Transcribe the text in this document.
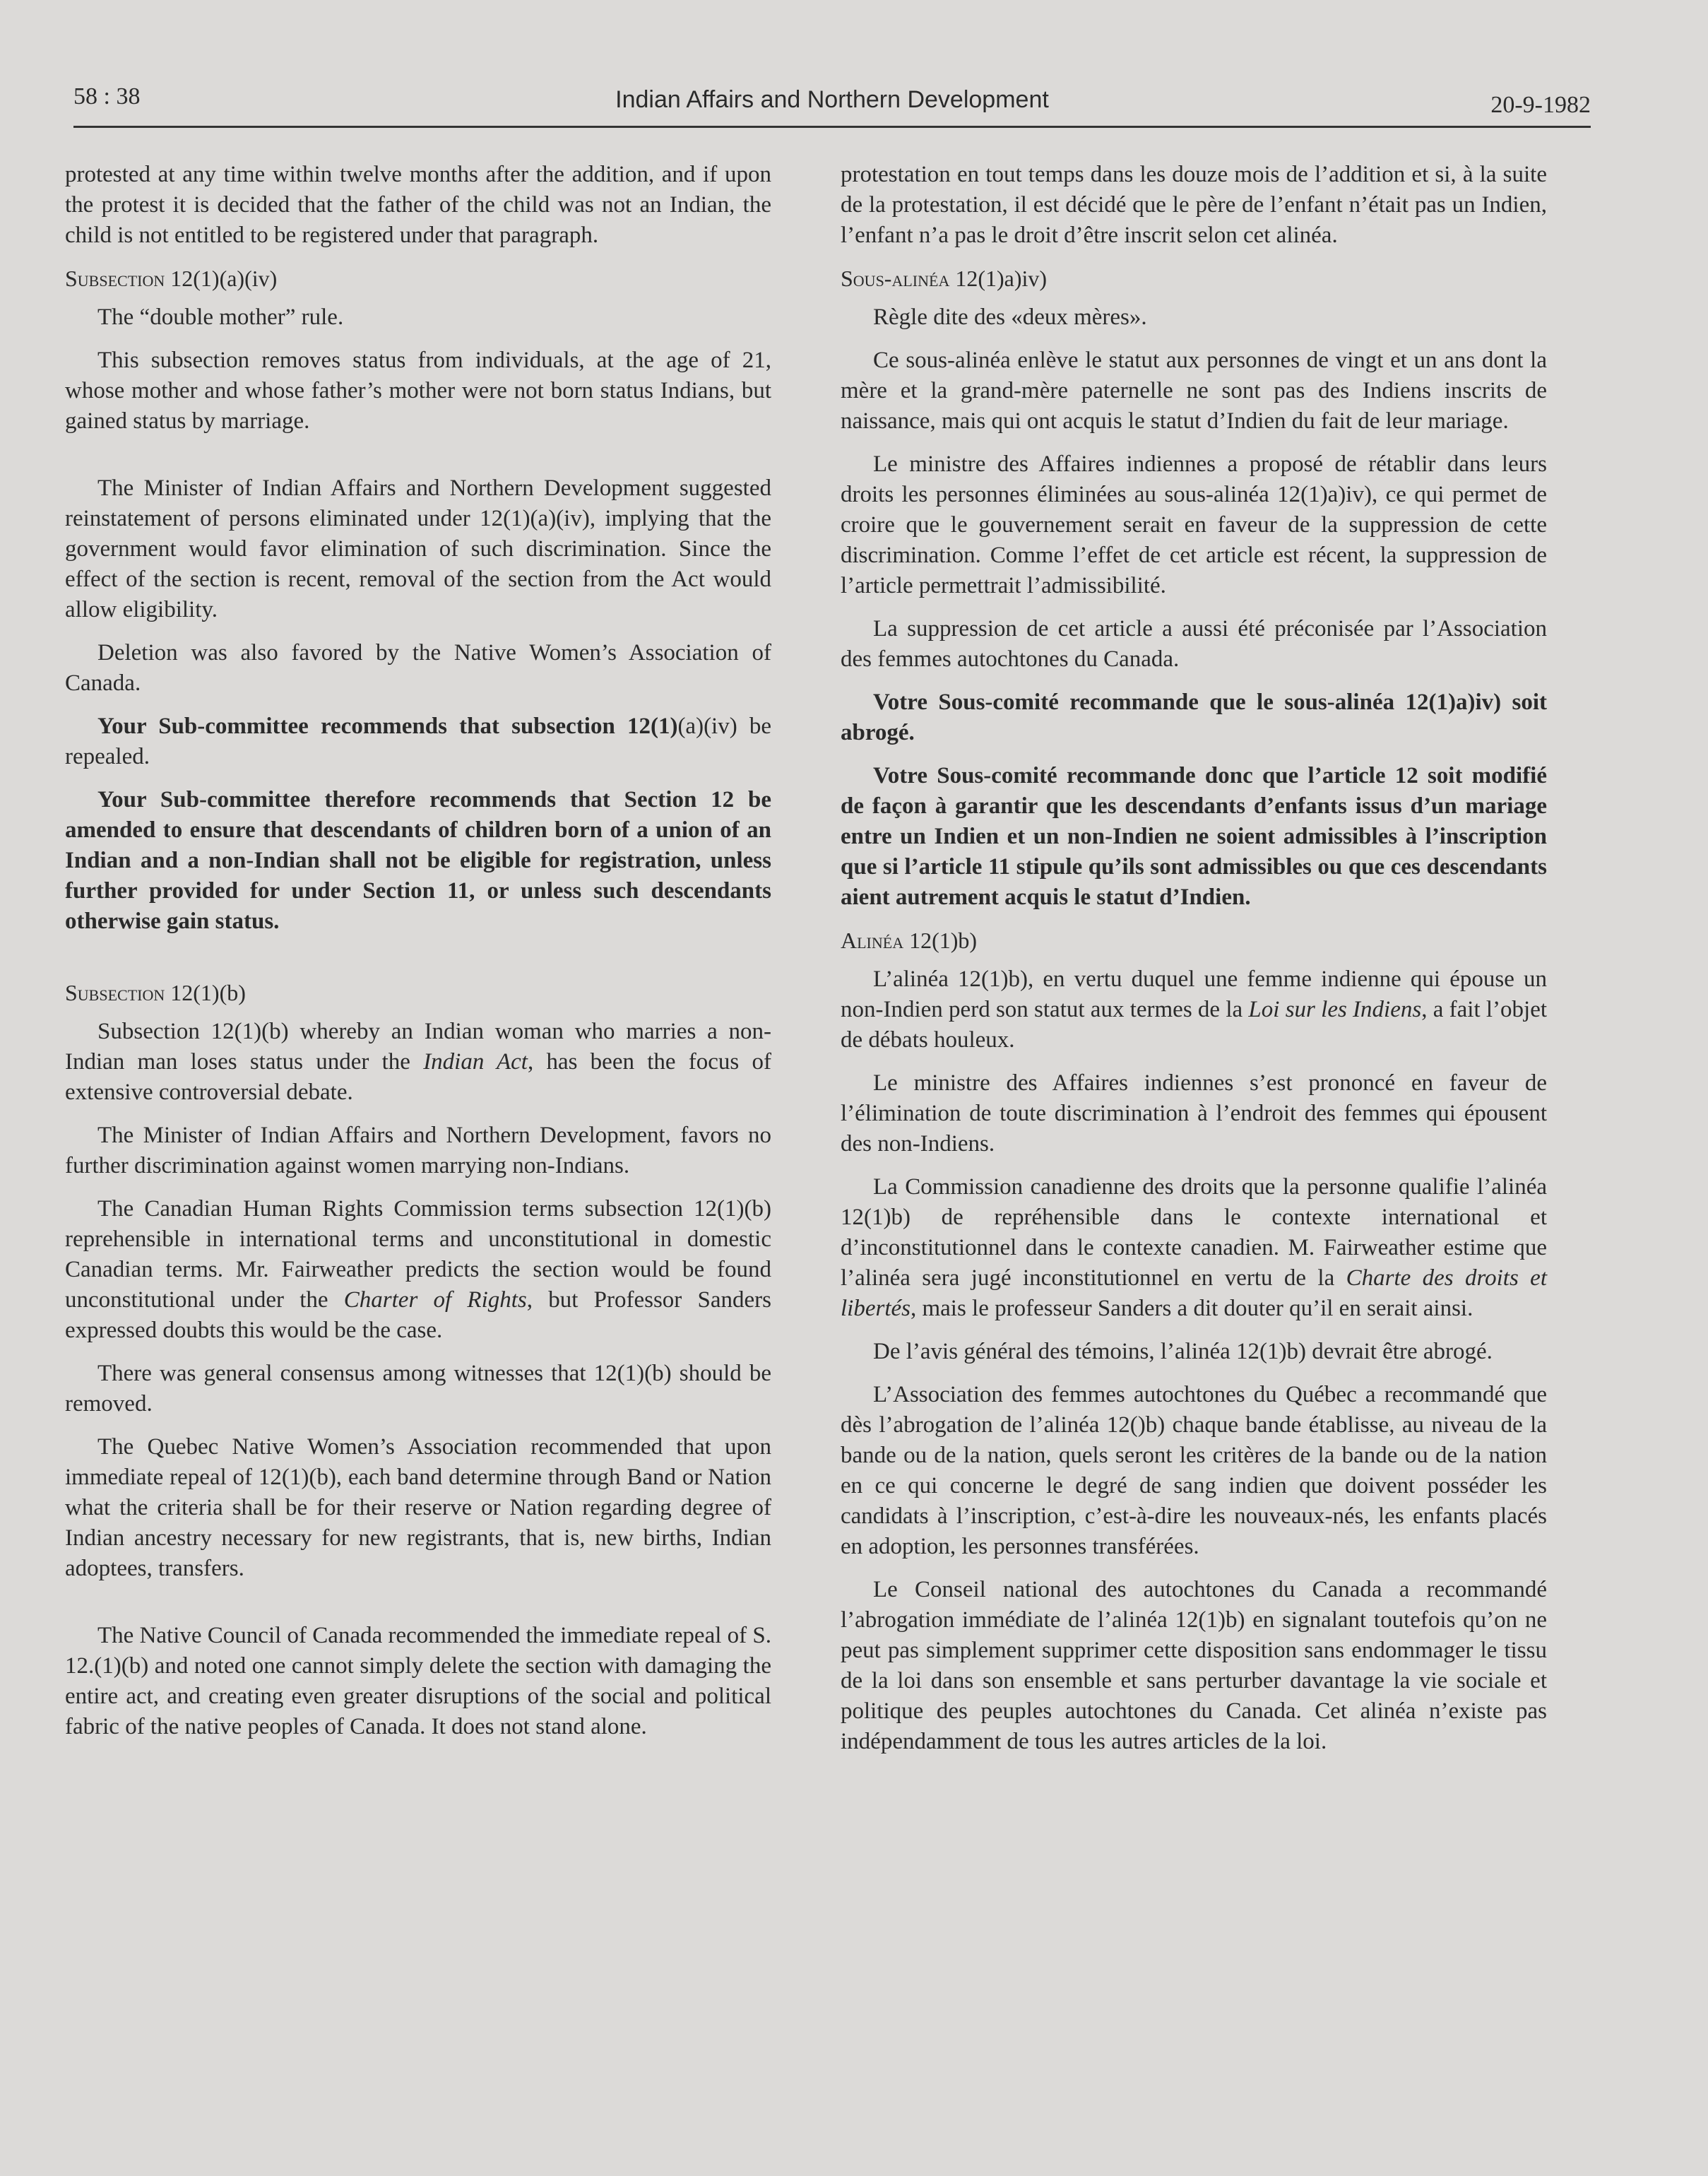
58 : 38	Indian Affairs and Northern Development	20-9-1982

protested at any time within twelve months after the addition, and if upon the protest it is decided that the father of the child was not an Indian, the child is not entitled to be registered under that paragraph.

Subsection 12(1)(a)(iv)

The “double mother” rule.

This subsection removes status from individuals, at the age of 21, whose mother and whose father’s mother were not born status Indians, but gained status by marriage.

The Minister of Indian Affairs and Northern Development suggested reinstatement of persons eliminated under 12(1)(a)(iv), implying that the government would favor elimination of such discrimination. Since the effect of the section is recent, removal of the section from the Act would allow eligibility.

Deletion was also favored by the Native Women’s Association of Canada.

Your Sub-committee recommends that subsection 12(1)(a)(iv) be repealed.

Your Sub-committee therefore recommends that Section 12 be amended to ensure that descendants of children born of a union of an Indian and a non-Indian shall not be eligible for registration, unless further provided for under Section 11, or unless such descendants otherwise gain status.

Subsection 12(1)(b)

Subsection 12(1)(b) whereby an Indian woman who marries a non-Indian man loses status under the Indian Act, has been the focus of extensive controversial debate.

The Minister of Indian Affairs and Northern Development, favors no further discrimination against women marrying non-Indians.

The Canadian Human Rights Commission terms subsection 12(1)(b) reprehensible in international terms and unconstitutional in domestic Canadian terms. Mr. Fairweather predicts the section would be found unconstitutional under the Charter of Rights, but Professor Sanders expressed doubts this would be the case.

There was general consensus among witnesses that 12(1)(b) should be removed.

The Quebec Native Women’s Association recommended that upon immediate repeal of 12(1)(b), each band determine through Band or Nation what the criteria shall be for their reserve or Nation regarding degree of Indian ancestry necessary for new registrants, that is, new births, Indian adoptees, transfers.

The Native Council of Canada recommended the immediate repeal of S. 12.(1)(b) and noted one cannot simply delete the section with damaging the entire act, and creating even greater disruptions of the social and political fabric of the native peoples of Canada. It does not stand alone.

protestation en tout temps dans les douze mois de l’addition et si, à la suite de la protestation, il est décidé que le père de l’enfant n’était pas un Indien, l’enfant n’a pas le droit d’être inscrit selon cet alinéa.

Sous-alinéa 12(1)a)iv)

Règle dite des «deux mères».

Ce sous-alinéa enlève le statut aux personnes de vingt et un ans dont la mère et la grand-mère paternelle ne sont pas des Indiens inscrits de naissance, mais qui ont acquis le statut d’Indien du fait de leur mariage.

Le ministre des Affaires indiennes a proposé de rétablir dans leurs droits les personnes éliminées au sous-alinéa 12(1)a)iv), ce qui permet de croire que le gouvernement serait en faveur de la suppression de cette discrimination. Comme l’effet de cet article est récent, la suppression de l’article permettrait l’admissibilité.

La suppression de cet article a aussi été préconisée par l’Association des femmes autochtones du Canada.

Votre Sous-comité recommande que le sous-alinéa 12(1)a)iv) soit abrogé.

Votre Sous-comité recommande donc que l’article 12 soit modifié de façon à garantir que les descendants d’enfants issus d’un mariage entre un Indien et un non-Indien ne soient admissibles à l’inscription que si l’article 11 stipule qu’ils sont admissibles ou que ces descendants aient autrement acquis le statut d’Indien.

Alinéa 12(1)b)

L’alinéa 12(1)b), en vertu duquel une femme indienne qui épouse un non-Indien perd son statut aux termes de la Loi sur les Indiens, a fait l’objet de débats houleux.

Le ministre des Affaires indiennes s’est prononcé en faveur de l’élimination de toute discrimination à l’endroit des femmes qui épousent des non-Indiens.

La Commission canadienne des droits que la personne qualifie l’alinéa 12(1)b) de repréhensible dans le contexte international et d’inconstitutionnel dans le contexte canadien. M. Fairweather estime que l’alinéa sera jugé inconstitutionnel en vertu de la Charte des droits et libertés, mais le professeur Sanders a dit douter qu’il en serait ainsi.

De l’avis général des témoins, l’alinéa 12(1)b) devrait être abrogé.

L’Association des femmes autochtones du Québec a recommandé que dès l’abrogation de l’alinéa 12()b) chaque bande établisse, au niveau de la bande ou de la nation, quels seront les critères de la bande ou de la nation en ce qui concerne le degré de sang indien que doivent posséder les candidats à l’inscription, c’est-à-dire les nouveaux-nés, les enfants placés en adoption, les personnes transférées.

Le Conseil national des autochtones du Canada a recommandé l’abrogation immédiate de l’alinéa 12(1)b) en signalant toutefois qu’on ne peut pas simplement supprimer cette disposition sans endommager le tissu de la loi dans son ensemble et sans perturber davantage la vie sociale et politique des peuples autochtones du Canada. Cet alinéa n’existe pas indépendamment de tous les autres articles de la loi.
